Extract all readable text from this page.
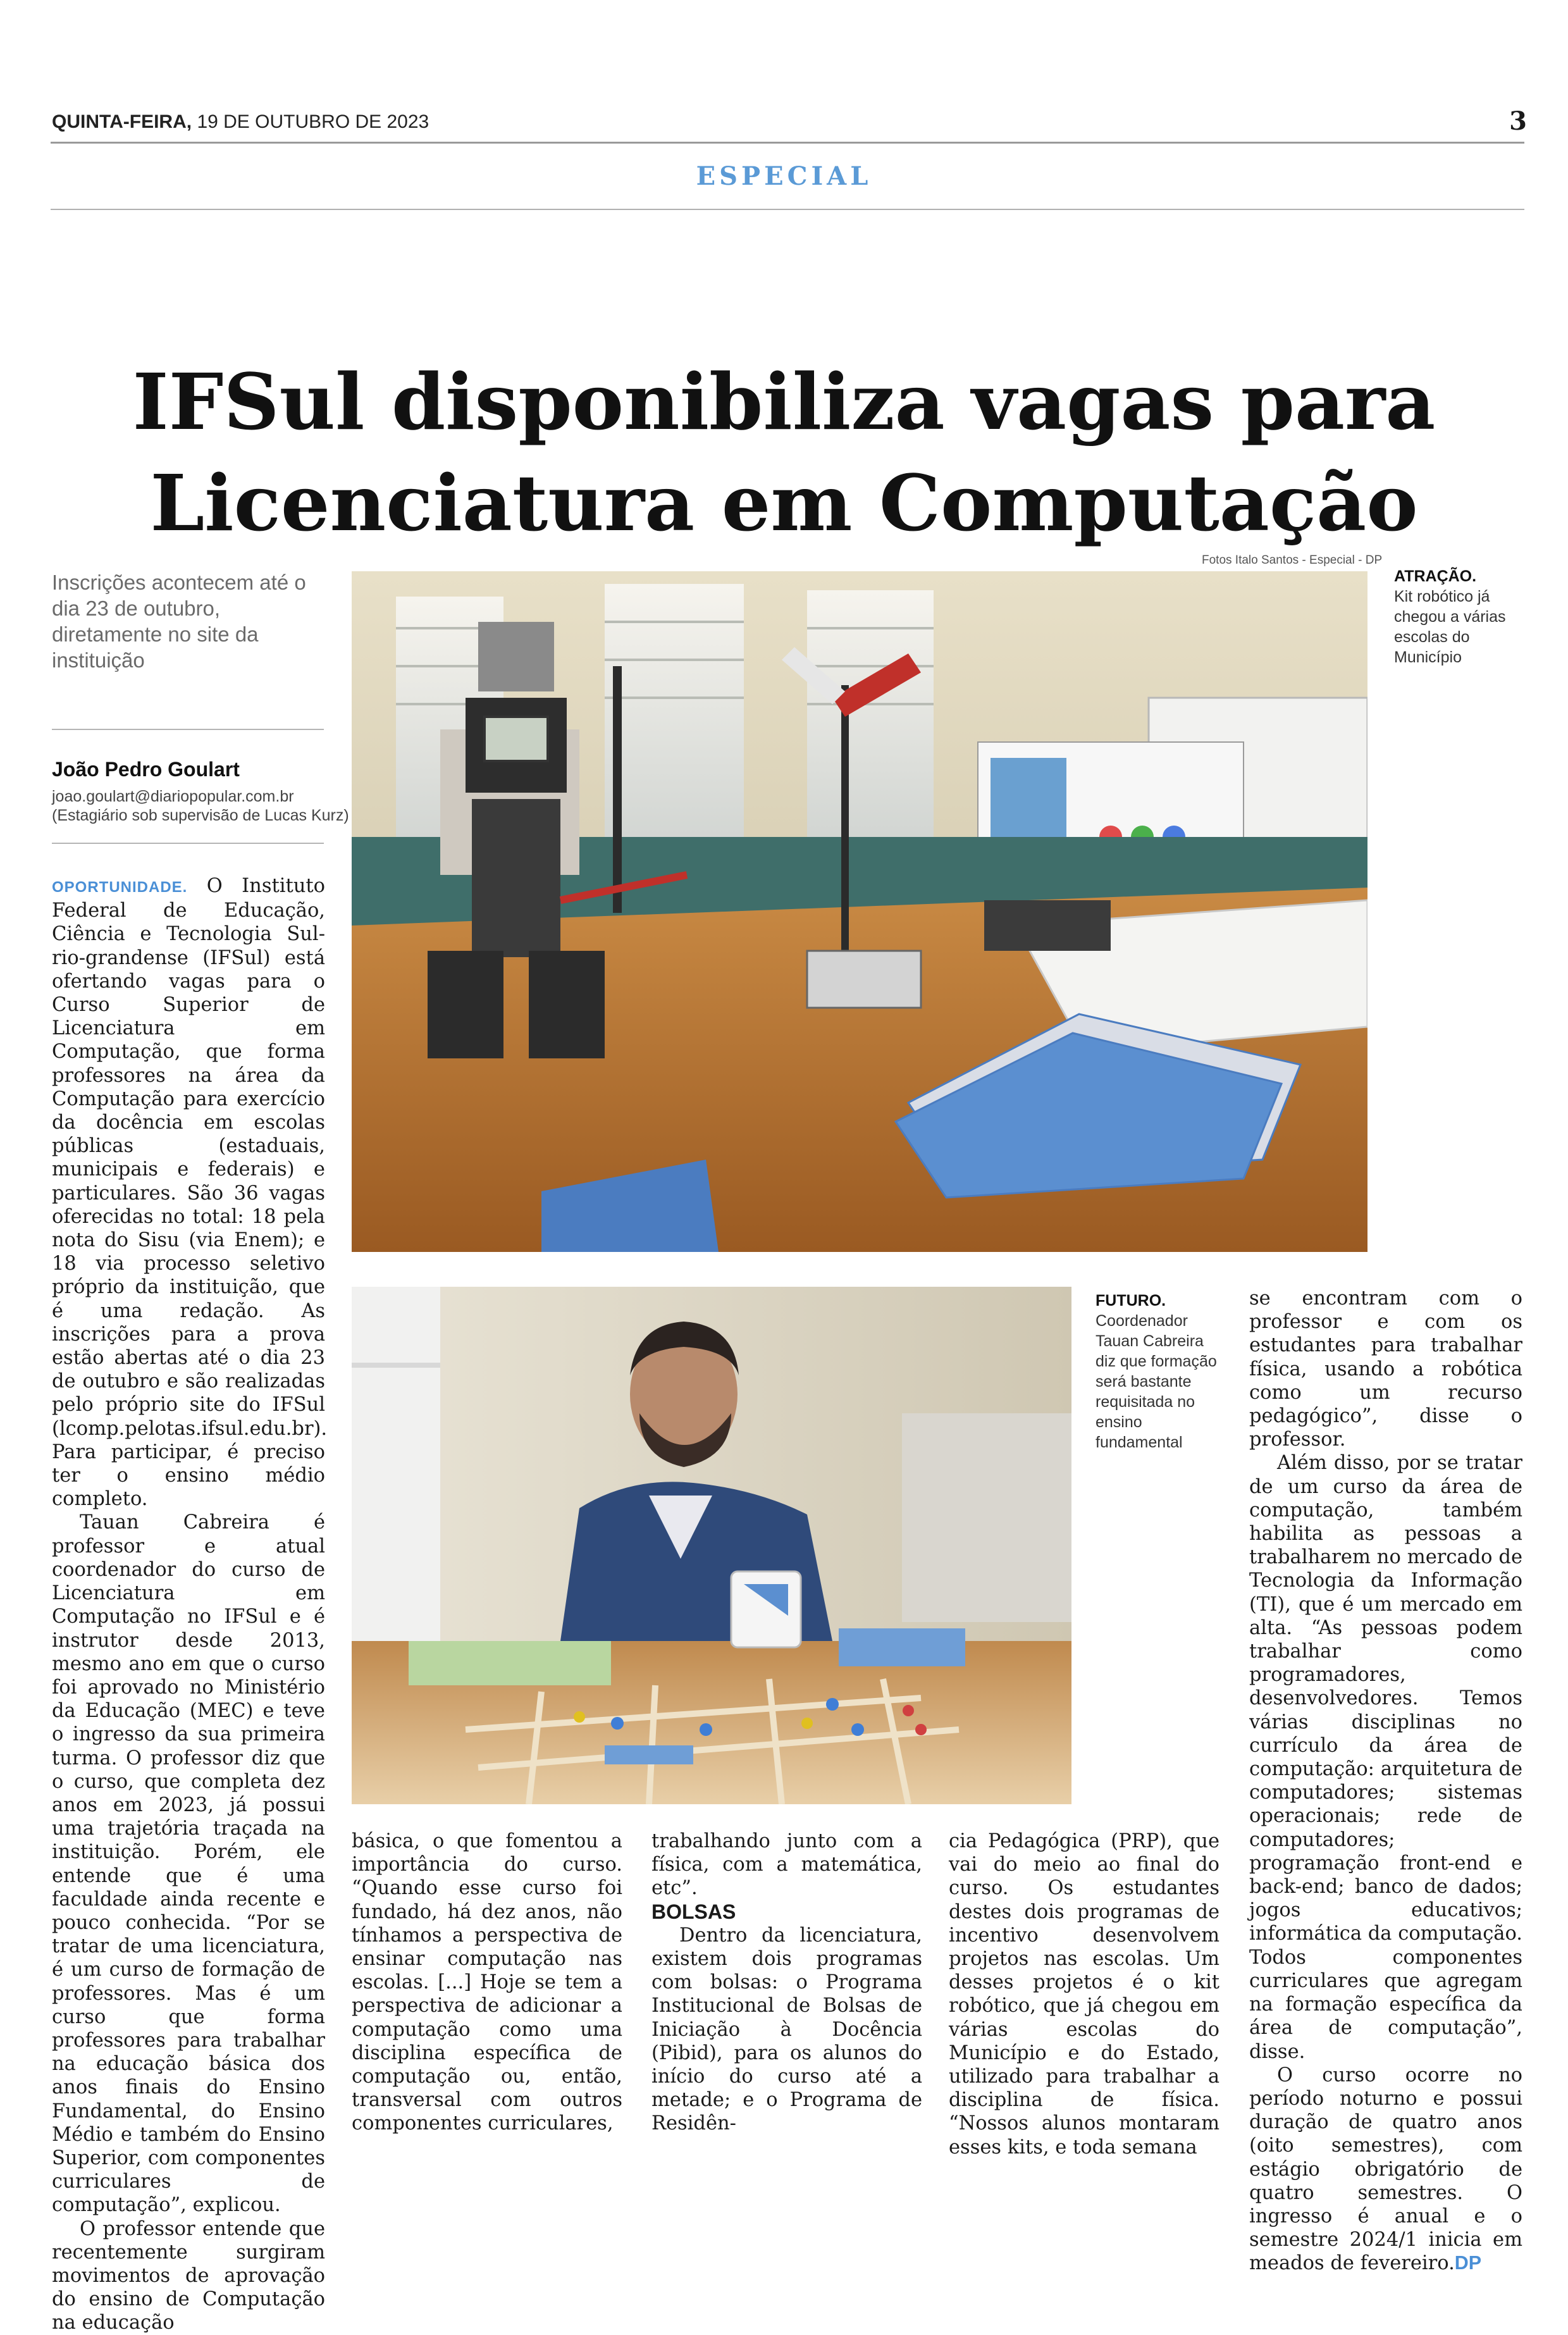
QUINTA-FEIRA, 19 DE OUTUBRO DE 2023	3
ESPECIAL
IFSul disponibiliza vagas para
Licenciatura em Computação
Inscrições acontecem até o dia 23 de outubro, diretamente no site da instituição
João Pedro Goulart
joao.goulart@diariopopular.com.br
(Estagiário sob supervisão de Lucas Kurz)
Fotos Italo Santos - Especial - DP
ATRAÇÃO.
Kit robótico já chegou a várias escolas do Município
FUTURO.
Coordenador Tauan Cabreira diz que formação será bastante requisitada no ensino fundamental

OPORTUNIDADE. O Instituto Federal de Educação, Ciência e Tecnologia Sul-rio-grandense (IFSul) está ofertando vagas para o Curso Superior de Licenciatura em Computação, que forma professores na área da Computação para exercício da docência em escolas públicas (estaduais, municipais e federais) e particulares. São 36 vagas oferecidas no total: 18 pela nota do Sisu (via Enem); e 18 via processo seletivo próprio da instituição, que é uma redação. As inscrições para a prova estão abertas até o dia 23 de outubro e são realizadas pelo próprio site do IFSul (lcomp.pelotas.ifsul.edu.br). Para participar, é preciso ter o ensino médio completo.

Tauan Cabreira é professor e atual coordenador do curso de Licenciatura em Computação no IFSul e é instrutor desde 2013, mesmo ano em que o curso foi aprovado no Ministério da Educação (MEC) e teve o ingresso da sua primeira turma. O professor diz que o curso, que completa dez anos em 2023, já possui uma trajetória traçada na instituição. Porém, ele entende que é uma faculdade ainda recente e pouco conhecida. “Por se tratar de uma licenciatura, é um curso de formação de professores. Mas é um curso que forma professores para trabalhar na educação básica dos anos finais do Ensino Fundamental, do Ensino Médio e também do Ensino Superior, com componentes curriculares de computação”, explicou.

O professor entende que recentemente surgiram movimentos de aprovação do ensino de Computação na educação

básica, o que fomentou a importância do curso. “Quando esse curso foi fundado, há dez anos, não tínhamos a perspectiva de ensinar computação nas escolas. [...] Hoje se tem a perspectiva de adicionar a computação como uma disciplina específica de computação ou, então, transversal com outros componentes curriculares,

trabalhando junto com a física, com a matemática, etc”.

BOLSAS

Dentro da licenciatura, existem dois programas com bolsas: o Programa Institucional de Bolsas de Iniciação à Docência (Pibid), para os alunos do início do curso até a metade; e o Programa de Residên-

cia Pedagógica (PRP), que vai do meio ao final do curso. Os estudantes destes dois programas de incentivo desenvolvem projetos nas escolas. Um desses projetos é o kit robótico, que já chegou em várias escolas do Município e do Estado, utilizado para trabalhar a disciplina de física. “Nossos alunos montaram esses kits, e toda semana

se encontram com o professor e com os estudantes para trabalhar física, usando a robótica como um recurso pedagógico”, disse o professor.

Além disso, por se tratar de um curso da área de computação, também habilita as pessoas a trabalharem no mercado de Tecnologia da Informação (TI), que é um mercado em alta. “As pessoas podem trabalhar como programadores, desenvolvedores. Temos várias disciplinas no currículo da área de computação: arquitetura de computadores; sistemas operacionais; rede de computadores; programação front-end e back-end; banco de dados; jogos educativos; informática da computação. Todos componentes curriculares que agregam na formação específica da área de computação”, disse.

O curso ocorre no período noturno e possui duração de quatro anos (oito semestres), com estágio obrigatório de quatro semestres. O ingresso é anual e o semestre 2024/1 inicia em meados de fevereiro.DP
